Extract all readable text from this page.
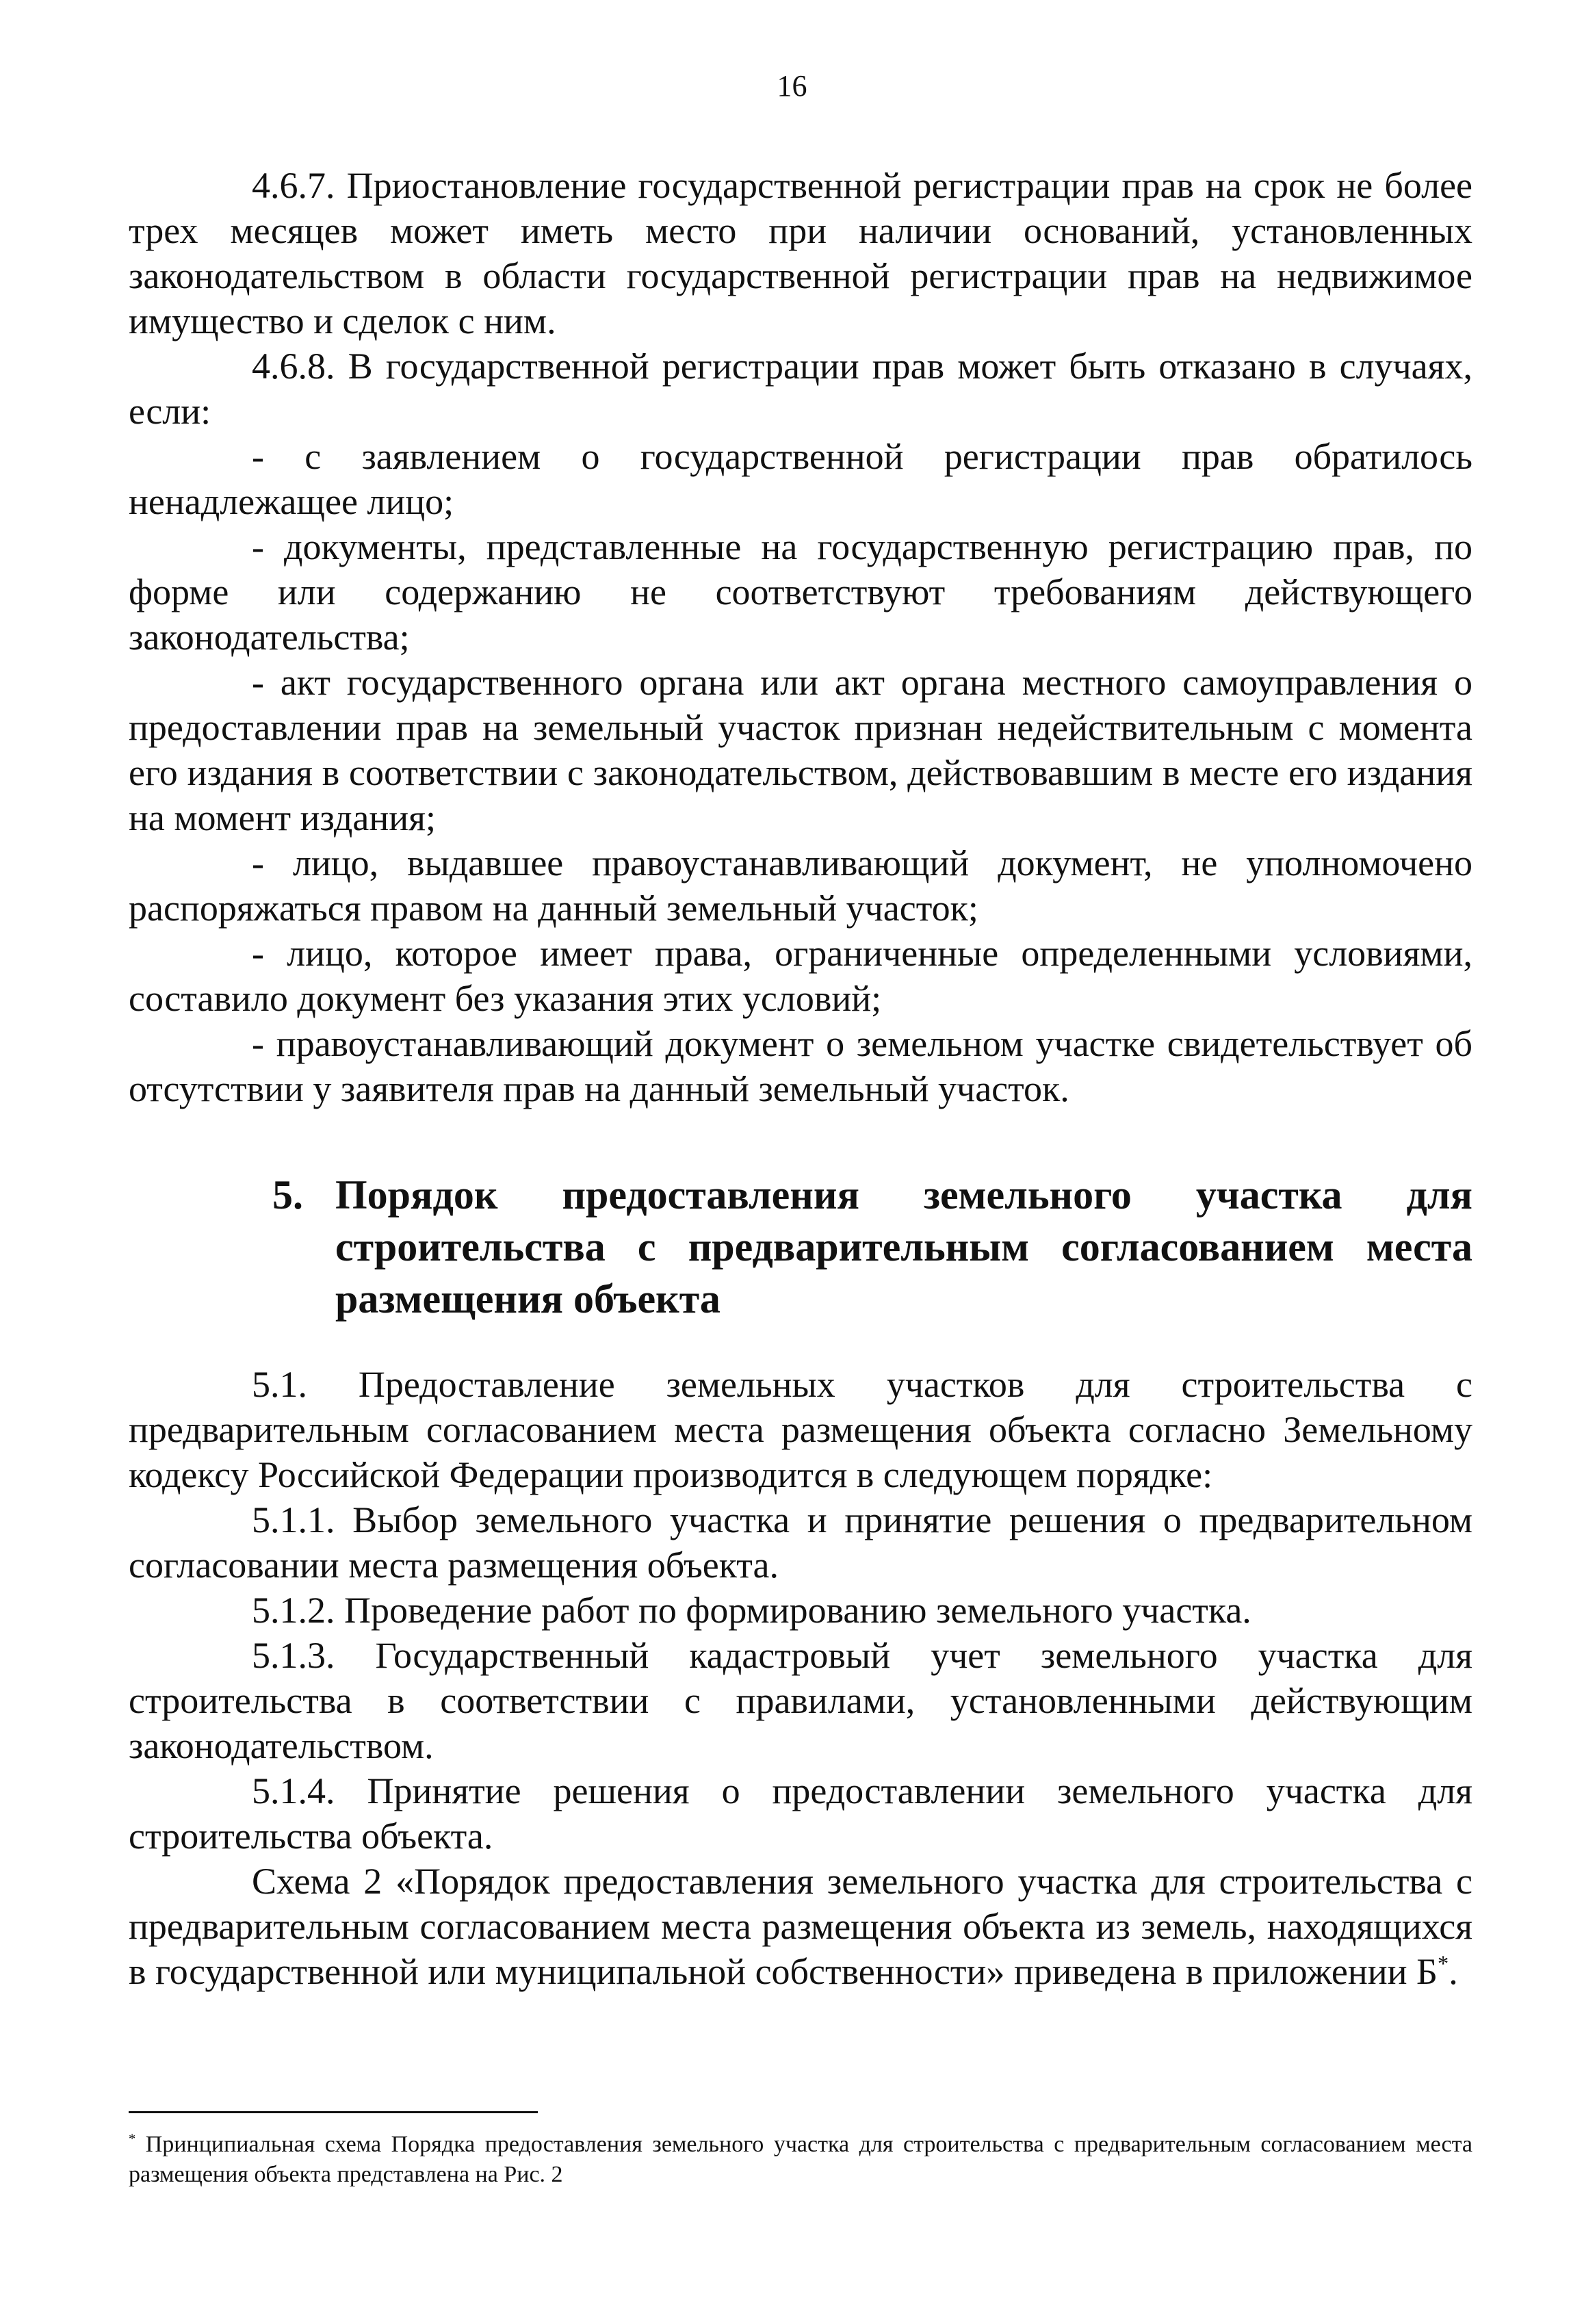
16

4.6.7. Приостановление государственной регистрации прав на срок не более трех месяцев может иметь место при наличии оснований, установленных законодательством в области государственной регистрации прав на недвижимое имущество и сделок с ним.

4.6.8. В государственной регистрации прав может быть отказано в случаях, если:

- с заявлением о государственной регистрации прав обратилось ненадлежащее лицо;

- документы, представленные на государственную регистрацию прав, по форме или содержанию не соответствуют требованиям действующего законодательства;

- акт государственного органа или акт органа местного самоуправления о предоставлении прав на земельный участок признан недействительным с момента его издания в соответствии с законодательством, действовавшим в месте его издания на момент издания;

- лицо, выдавшее правоустанавливающий документ, не уполномочено распоряжаться правом на данный земельный участок;

- лицо, которое имеет права, ограниченные определенными условиями, составило документ без указания этих условий;

- правоустанавливающий документ о земельном участке свидетельствует об отсутствии у заявителя прав на данный земельный участок.

5. Порядок предоставления земельного участка для строительства с предварительным согласованием места размещения объекта

5.1. Предоставление земельных участков для строительства с предварительным согласованием места размещения объекта согласно Земельному кодексу Российской Федерации производится в следующем порядке:

5.1.1. Выбор земельного участка и принятие решения о предварительном согласовании места размещения объекта.

5.1.2. Проведение работ по формированию земельного участка.

5.1.3. Государственный кадастровый учет земельного участка для строительства в соответствии с правилами, установленными действующим законодательством.

5.1.4. Принятие решения о предоставлении земельного участка для строительства объекта.

Схема 2 «Порядок предоставления земельного участка для строительства с предварительным согласованием места размещения объекта из земель, находящихся в государственной или муниципальной собственности» приведена в приложении Б*.

* Принципиальная схема Порядка предоставления земельного участка для строительства с предварительным согласованием места размещения объекта представлена на Рис. 2
